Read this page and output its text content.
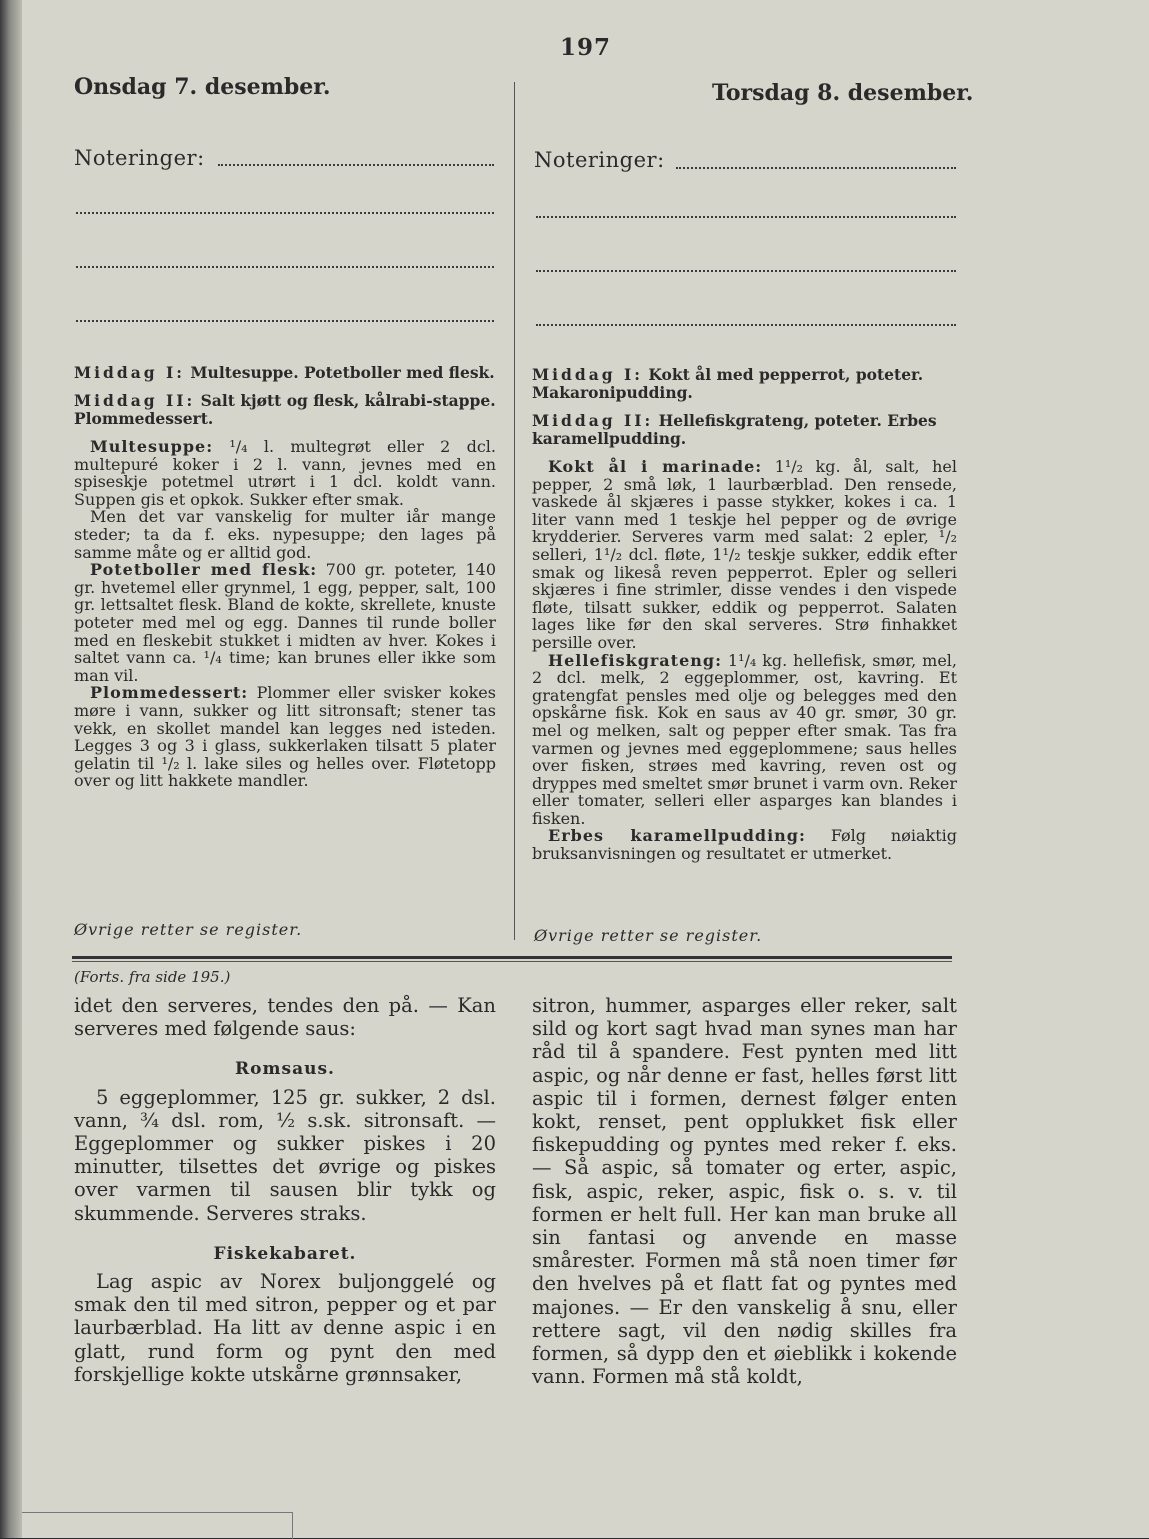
197
Onsdag 7. desember.	Torsdag 8. desember.
Noteringer:	Noteringer:
Middag I: Multesuppe. Potetboller med flesk.
Middag II: Salt kjøtt og flesk, kålrabi-stappe. Plommedessert.

Multesuppe: ¹/₄ l. multegrøt eller 2 dcl. multepuré koker i 2 l. vann, jevnes med en spiseskje potetmel utrørt i 1 dcl. koldt vann. Suppen gis et opkok. Sukker efter smak.

Men det var vanskelig for multer iår mange steder; ta da f. eks. nypesuppe; den lages på samme måte og er alltid god.

Potetboller med flesk: 700 gr. poteter, 140 gr. hvetemel eller grynmel, 1 egg, pepper, salt, 100 gr. lettsaltet flesk. Bland de kokte, skrellete, knuste poteter med mel og egg. Dannes til runde boller med en fleskebit stukket i midten av hver. Kokes i saltet vann ca. ¹/₄ time; kan brunes eller ikke som man vil.

Plommedessert: Plommer eller svisker kokes møre i vann, sukker og litt sitronsaft; stener tas vekk, en skollet mandel kan legges ned isteden. Legges 3 og 3 i glass, sukkerlaken tilsatt 5 plater gelatin til ¹/₂ l. lake siles og helles over. Fløtetopp over og litt hakkete mandler.

Øvrige retter se register.
Middag I: Kokt ål med pepperrot, poteter. Makaronipudding.
Middag II: Hellefiskgrateng, poteter. Erbes karamellpudding.

Kokt ål i marinade: 1¹/₂ kg. ål, salt, hel pepper, 2 små løk, 1 laurbærblad. Den rensede, vaskede ål skjæres i passe stykker, kokes i ca. 1 liter vann med 1 teskje hel pepper og de øvrige krydderier. Serveres varm med salat: 2 epler, ¹/₂ selleri, 1¹/₂ dcl. fløte, 1¹/₂ teskje sukker, eddik efter smak og likeså reven pepperrot. Epler og selleri skjæres i fine strimler, disse vendes i den vispede fløte, tilsatt sukker, eddik og pepperrot. Salaten lages like før den skal serveres. Strø finhakket persille over.

Hellefiskgrateng: 1¹/₄ kg. hellefisk, smør, mel, 2 dcl. melk, 2 eggeplommer, ost, kavring. Et gratengfat pensles med olje og belegges med den opskårne fisk. Kok en saus av 40 gr. smør, 30 gr. mel og melken, salt og pepper efter smak. Tas fra varmen og jevnes med eggeplommene; saus helles over fisken, strøes med kavring, reven ost og dryppes med smeltet smør brunet i varm ovn. Reker eller tomater, selleri eller asparges kan blandes i fisken.

Erbes karamellpudding: Følg nøiaktig bruksanvisningen og resultatet er utmerket.

Øvrige retter se register.
(Forts. fra side 195.)

idet den serveres, tendes den på. — Kan serveres med følgende saus:

Romsaus.

5 eggeplommer, 125 gr. sukker, 2 dsl. vann, ¾ dsl. rom, ½ s.sk. sitronsaft. — Eggeplommer og sukker piskes i 20 minutter, tilsettes det øvrige og piskes over varmen til sausen blir tykk og skummende. Serveres straks.

Fiskekabaret.

Lag aspic av Norex buljonggelé og smak den til med sitron, pepper og et par laurbærblad. Ha litt av denne aspic i en glatt, rund form og pynt den med forskjellige kokte utskårne grønnsaker,

sitron, hummer, asparges eller reker, salt sild og kort sagt hvad man synes man har råd til å spandere. Fest pynten med litt aspic, og når denne er fast, helles først litt aspic til i formen, dernest følger enten kokt, renset, pent opplukket fisk eller fiskepudding og pyntes med reker f. eks. — Så aspic, så tomater og erter, aspic, fisk, aspic, reker, aspic, fisk o. s. v. til formen er helt full. Her kan man bruke all sin fantasi og anvende en masse smårester. Formen må stå noen timer før den hvelves på et flatt fat og pyntes med majones. — Er den vanskelig å snu, eller rettere sagt, vil den nødig skilles fra formen, så dypp den et øieblikk i kokende vann. Formen må stå koldt,
